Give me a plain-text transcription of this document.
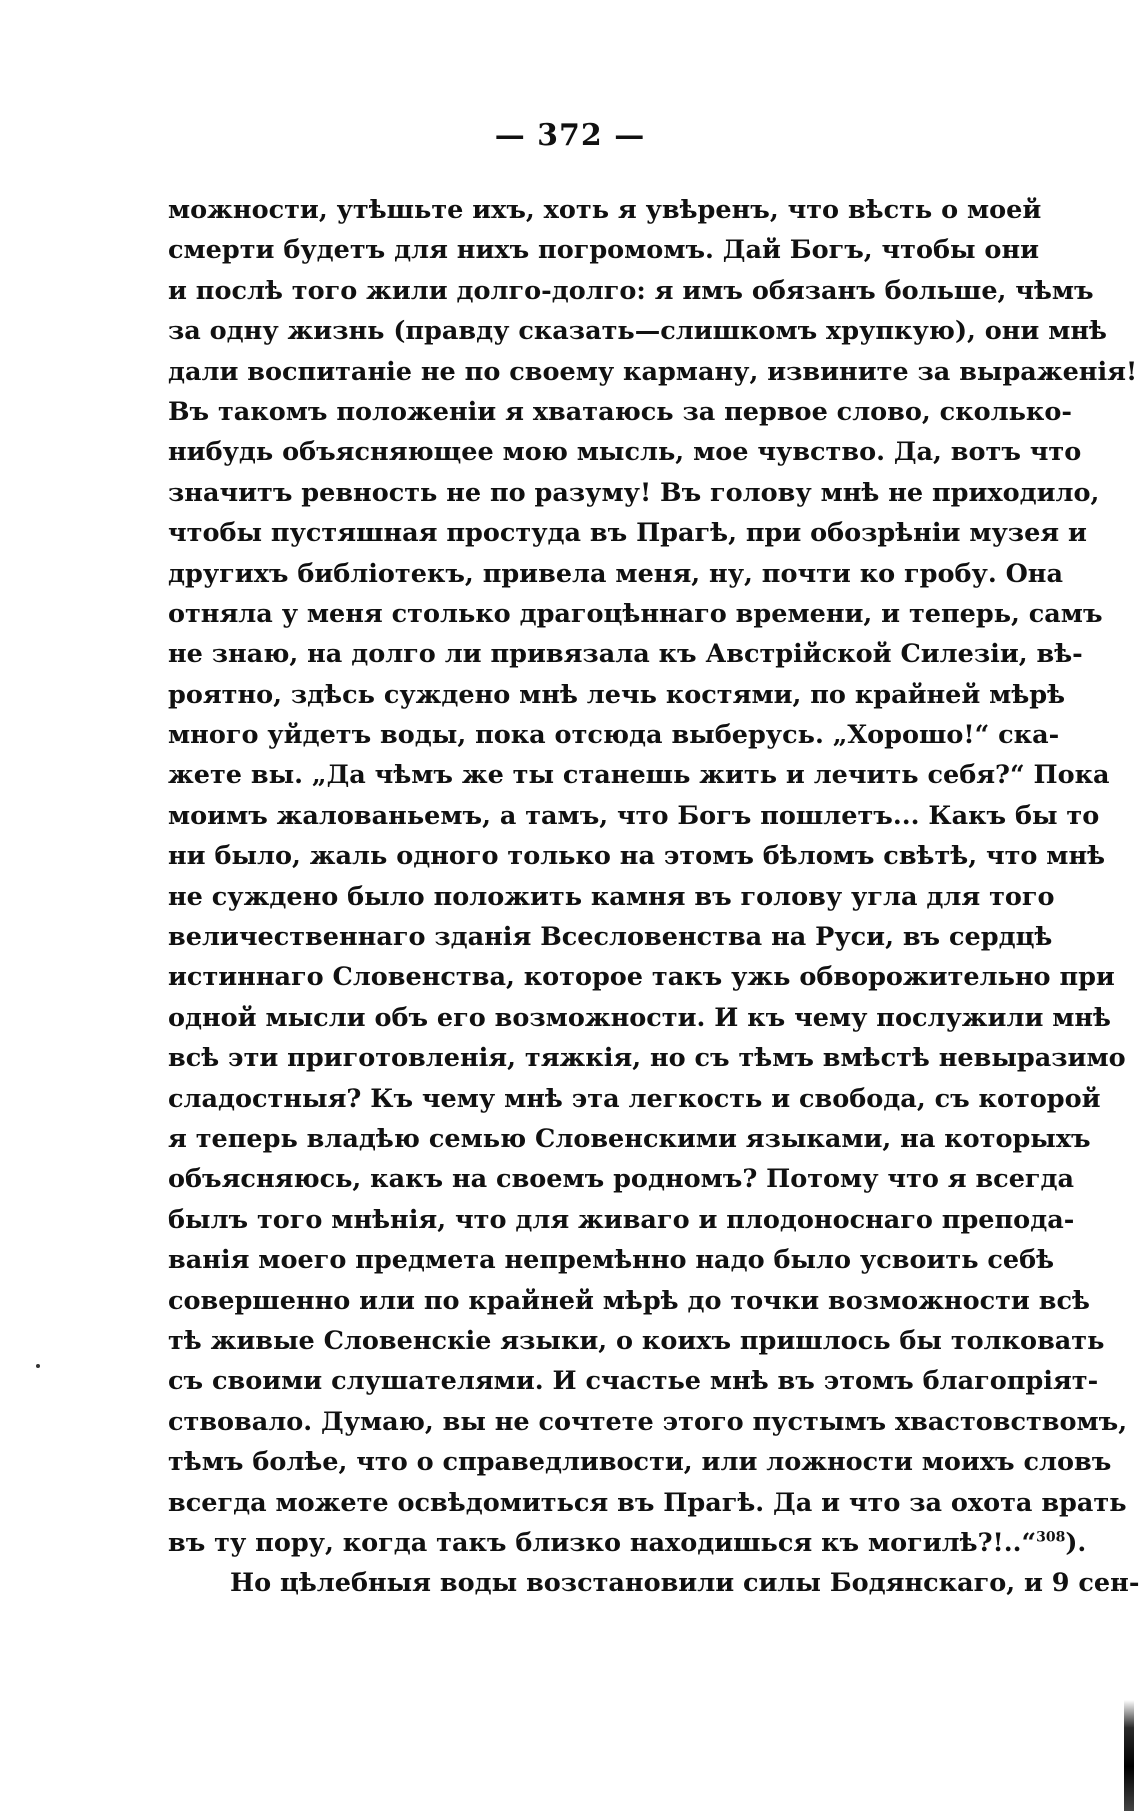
— 372 —
можности, утѣшьте ихъ, хоть я увѣренъ, что вѣсть о моей
смерти будетъ для нихъ погромомъ. Дай Богъ, чтобы они
и послѣ того жили долго-долго: я имъ обязанъ больше, чѣмъ
за одну жизнь (правду сказать—слишкомъ хрупкую), они мнѣ
дали воспитаніе не по своему карману, извините за выраженія!
Въ такомъ положеніи я хватаюсь за первое слово, сколько-
нибудь объясняющее мою мысль, мое чувство. Да, вотъ что
значитъ ревность не по разуму! Въ голову мнѣ не приходило,
чтобы пустяшная простуда въ Прагѣ, при обозрѣніи музея и
другихъ библіотекъ, привела меня, ну, почти ко гробу. Она
отняла у меня столько драгоцѣннаго времени, и теперь, самъ
не знаю, на долго ли привязала къ Австрійской Силезіи, вѣ-
роятно, здѣсь суждено мнѣ лечь костями, по крайней мѣрѣ
много уйдетъ воды, пока отсюда выберусь. „Хорошо!“ ска-
жете вы. „Да чѣмъ же ты станешь жить и лечить себя?“ Пока
моимъ жалованьемъ, а тамъ, что Богъ пошлетъ... Какъ бы то
ни было, жаль одного только на этомъ бѣломъ свѣтѣ, что мнѣ
не суждено было положить камня въ голову угла для того
величественнаго зданія Всесловенства на Руси, въ сердцѣ
истиннаго Словенства, которое такъ ужь обворожительно при
одной мысли объ его возможности. И къ чему послужили мнѣ
всѣ эти приготовленія, тяжкія, но съ тѣмъ вмѣстѣ невыразимо
сладостныя? Къ чему мнѣ эта легкость и свобода, съ которой
я теперь владѣю семью Словенскими языками, на которыхъ
объясняюсь, какъ на своемъ родномъ? Потому что я всегда
былъ того мнѣнія, что для живаго и плодоноснаго препода-
ванія моего предмета непремѣнно надо было усвоить себѣ
совершенно или по крайней мѣрѣ до точки возможности всѣ
тѣ живые Словенскіе языки, о коихъ пришлось бы толковать
съ своими слушателями. И счастье мнѣ въ этомъ благопріят-
ствовало. Думаю, вы не сочтете этого пустымъ хвастовствомъ,
тѣмъ болѣе, что о справедливости, или ложности моихъ словъ
всегда можете освѣдомиться въ Прагѣ. Да и что за охота врать
въ ту пору, когда такъ близко находишься къ могилѣ?!..“$^{308}$).
Но цѣлебныя воды возстановили силы Бодянскаго, и 9 сен-
